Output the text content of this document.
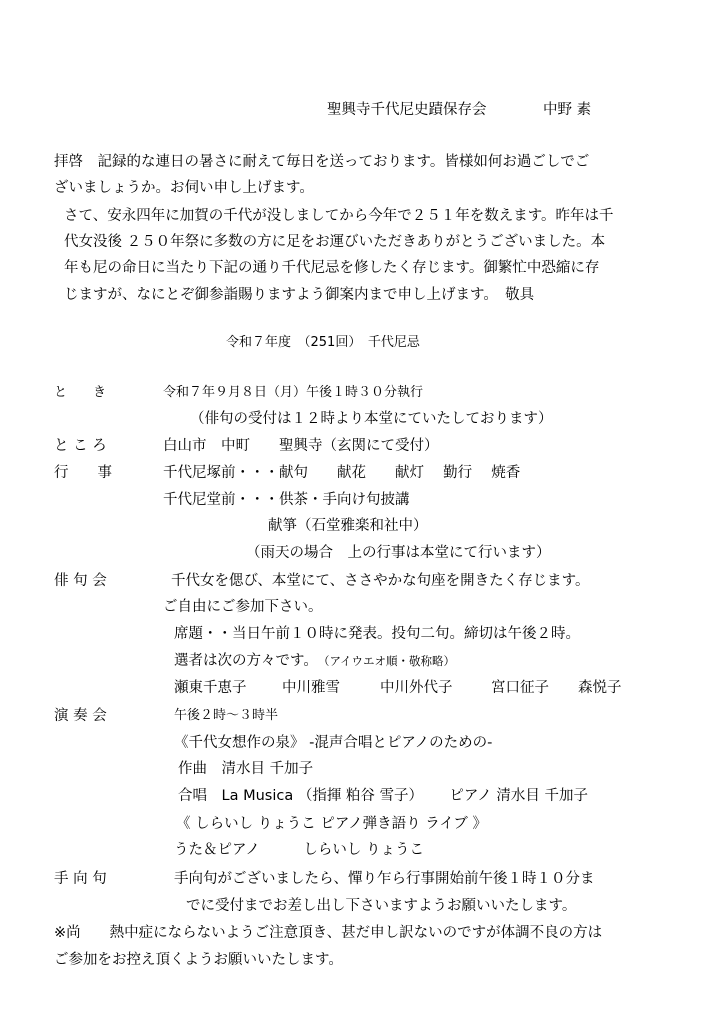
聖興寺千代尼史蹟保存会	中野 素
拝啓　記録的な連日の暑さに耐えて毎日を送っております。皆様如何お過ごしでご
ざいましょうか。お伺い申し上げます。
さて、安永四年に加賀の千代が没しましてから今年で２５１年を数えます。昨年は千
代女没後 ２５０年祭に多数の方に足をお運びいただきありがとうございました。本
年も尼の命日に当たり下記の通り千代尼忌を修したく存じます。御繁忙中恐縮に存
じますが、なにとぞ御参詣賜りますよう御案内まで申し上げます。　敬具
令和７年度　（251回）　千代尼忌
と　　き	令和７年９月８日（月）午後１時３０分執行
（俳句の受付は１２時より本堂にていたしております）
と こ ろ	白山市　中町　　聖興寺（玄関にて受付）
行　　事	千代尼塚前・・・献句　　献花　　献灯　 勤行　 焼香
千代尼堂前・・・供茶・手向け句披講
献箏（石堂雅楽和社中）
（雨天の場合　上の行事は本堂にて行います）
俳 句 会	千代女を偲び、本堂にて、ささやかな句座を開きたく存じます。
ご自由にご参加下さい。
席題・・当日午前１０時に発表。投句二句。締切は午後２時。
選者は次の方々です。 （アイウエオ順・敬称略）
瀬東千恵子 中川雅雪	中川外代子	宮口征子 森悦子
演 奏 会	午後２時～３時半
《千代女想作の泉》 -混声合唱とピアノのための-
作曲　清水目 千加子
合唱　La Musica （指揮 粕谷 雪子）　　 ピアノ 清水目 千加子
《 しらいし りょうこ ピアノ弾き語り ライブ 》
うた＆ピアノ　　　しらいし りょうこ
手 向 句	手向句がございましたら、憚り乍ら行事開始前午後１時１０分ま
でに受付までお差し出し下さいますようお願いいたします。
※尚　　熱中症にならないようご注意頂き、甚だ申し訳ないのですが体調不良の方は
ご参加をお控え頂くようお願いいたします。
